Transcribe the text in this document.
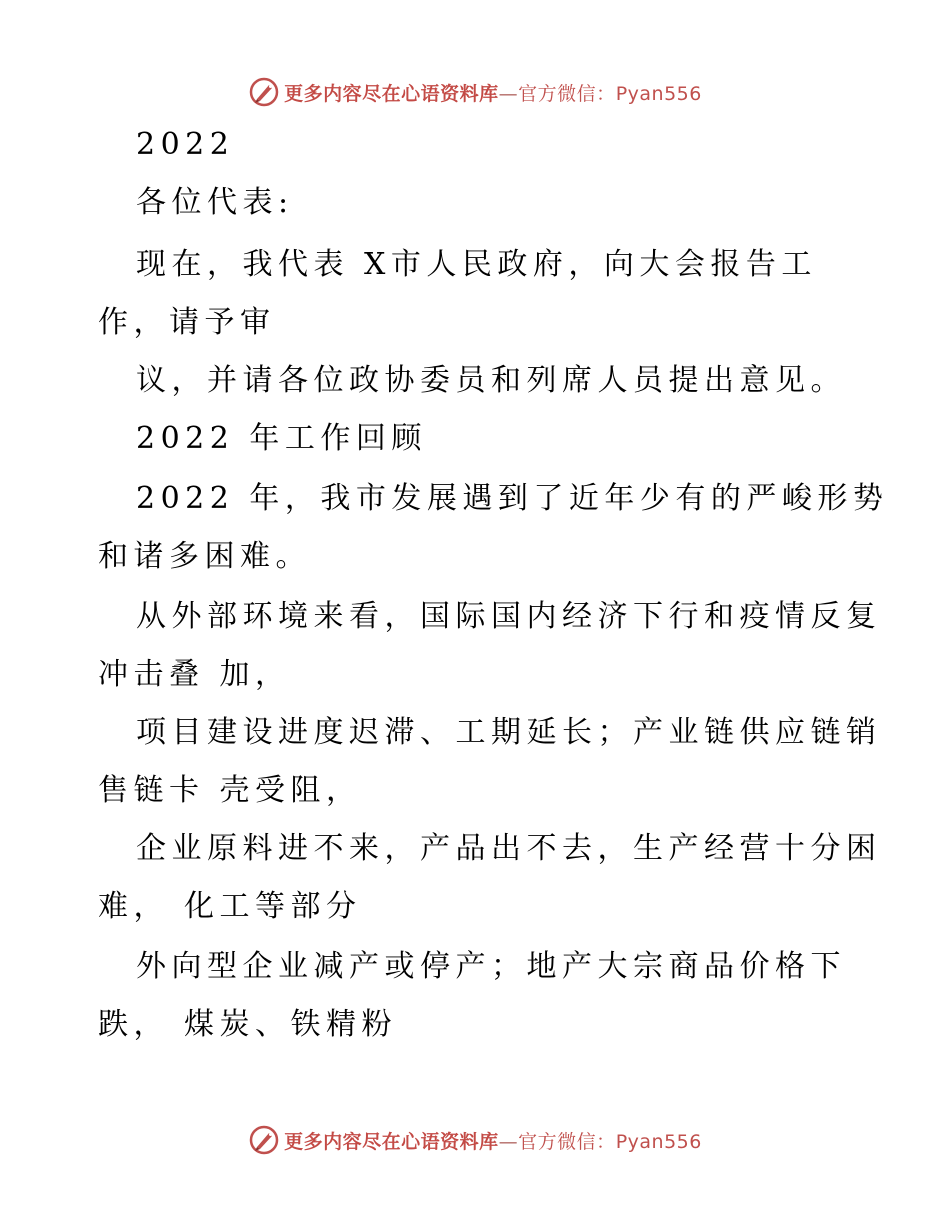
更多内容尽在心语资料库—官方微信：Pyan556
2022
各位代表:
现在，我代表 X市人民政府，向大会报告工
作，请予审
议，并请各位政协委员和列席人员提出意见。
2022 年工作回顾
2022 年，我市发展遇到了近年少有的严峻形势
和诸多困难。
从外部环境来看，国际国内经济下行和疫情反复
冲击叠 加，
项目建设进度迟滞、工期延长；产业链供应链销
售链卡 壳受阻，
企业原料进不来，产品出不去，生产经营十分困
难， 化工等部分
外向型企业减产或停产；地产大宗商品价格下
跌， 煤炭、铁精粉
更多内容尽在心语资料库—官方微信：Pyan556
